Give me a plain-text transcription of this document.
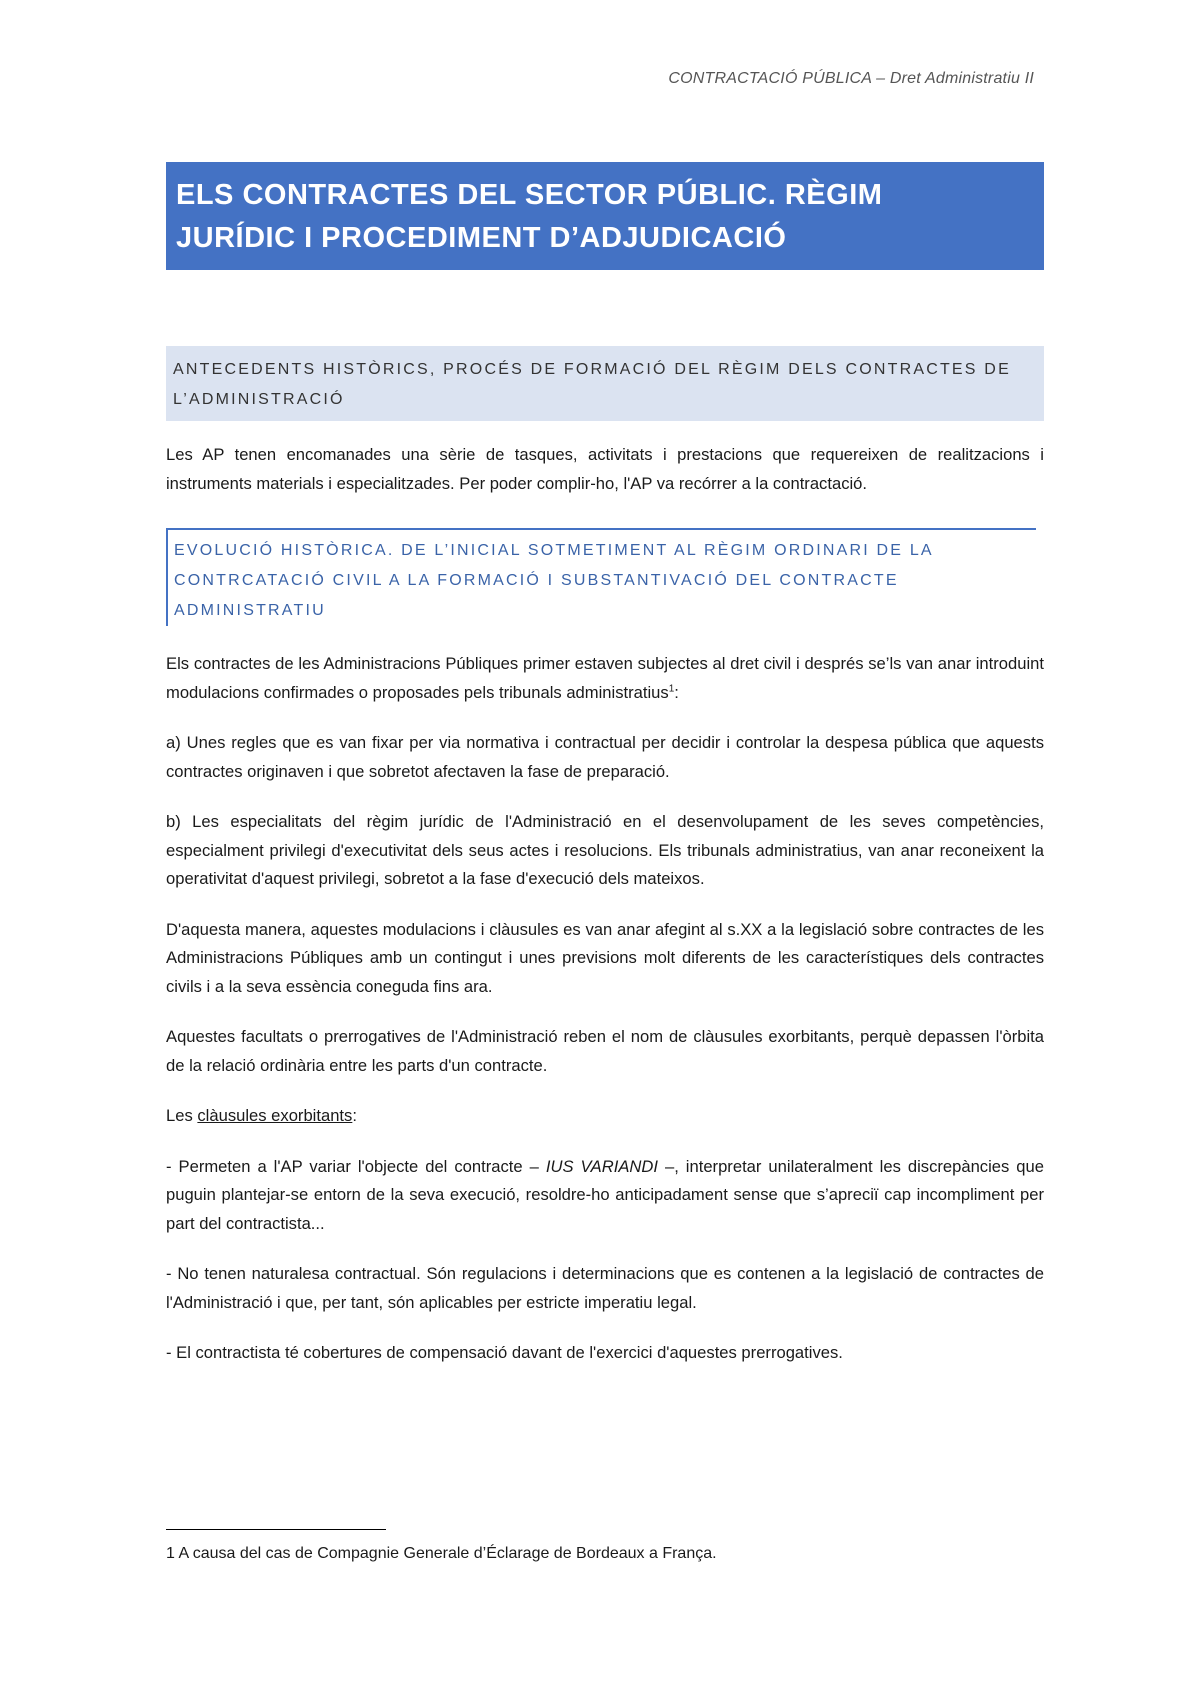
CONTRACTACIÓ PÚBLICA – Dret Administratiu II
ELS CONTRACTES DEL SECTOR PÚBLIC. RÈGIM
JURÍDIC I PROCEDIMENT D’ADJUDICACIÓ
ANTECEDENTS HISTÒRICS, PROCÉS DE FORMACIÓ DEL RÈGIM DELS CONTRACTES DE L’ADMINISTRACIÓ

Les AP tenen encomanades una sèrie de tasques, activitats i prestacions que requereixen de realitzacions i instruments materials i especialitzades. Per poder complir-ho, l'AP va recórrer a la contractació.

EVOLUCIÓ HISTÒRICA. DE L’INICIAL SOTMETIMENT AL RÈGIM ORDINARI DE LA CONTRCATACIÓ CIVIL A LA FORMACIÓ I SUBSTANTIVACIÓ DEL CONTRACTE ADMINISTRATIU

Els contractes de les Administracions Públiques primer estaven subjectes al dret civil i després se’ls van anar introduint modulacions confirmades o proposades pels tribunals administratius$^1$:

a) Unes regles que es van fixar per via normativa i contractual per decidir i controlar la despesa pública que aquests contractes originaven i que sobretot afectaven la fase de preparació.

b) Les especialitats del règim jurídic de l'Administració en el desenvolupament de les seves competències, especialment privilegi d'executivitat dels seus actes i resolucions. Els tribunals administratius, van anar reconeixent la operativitat d'aquest privilegi, sobretot a la fase d'execució dels mateixos.

D'aquesta manera, aquestes modulacions i clàusules es van anar afegint al s.XX a la legislació sobre contractes de les Administracions Públiques amb un contingut i unes previsions molt diferents de les característiques dels contractes civils i a la seva essència coneguda fins ara.

Aquestes facultats o prerrogatives de l'Administració reben el nom de clàusules exorbitants, perquè depassen l'òrbita de la relació ordinària entre les parts d'un contracte.

Les clàusules exorbitants:

- Permeten a l'AP variar l'objecte del contracte – IUS VARIANDI –, interpretar unilateralment les discrepàncies que puguin plantejar-se entorn de la seva execució, resoldre-ho anticipadament sense que s’apreciï cap incompliment per part del contractista...

- No tenen naturalesa contractual. Són regulacions i determinacions que es contenen a la legislació de contractes de l'Administració i que, per tant, són aplicables per estricte imperatiu legal.

- El contractista té cobertures de compensació davant de l'exercici d'aquestes prerrogatives.

1 A causa del cas de Compagnie Generale d’Éclarage de Bordeaux a França.
